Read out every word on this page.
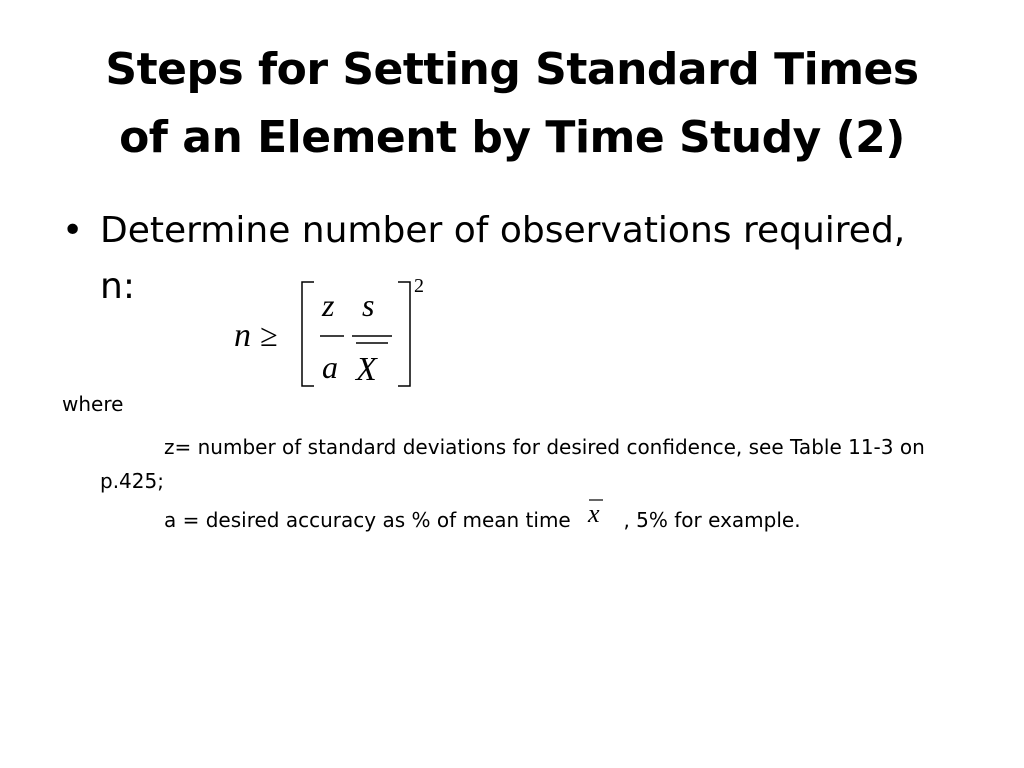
Steps for Setting Standard Times
of an Element by Time Study (2)
• Determine number of observations required,
n:
n ≥
z
a
s
X
2
where
z= number of standard deviations for desired confidence, see Table 11-3 on p.425;
a = desired accuracy as % of mean time x , 5% for example.
